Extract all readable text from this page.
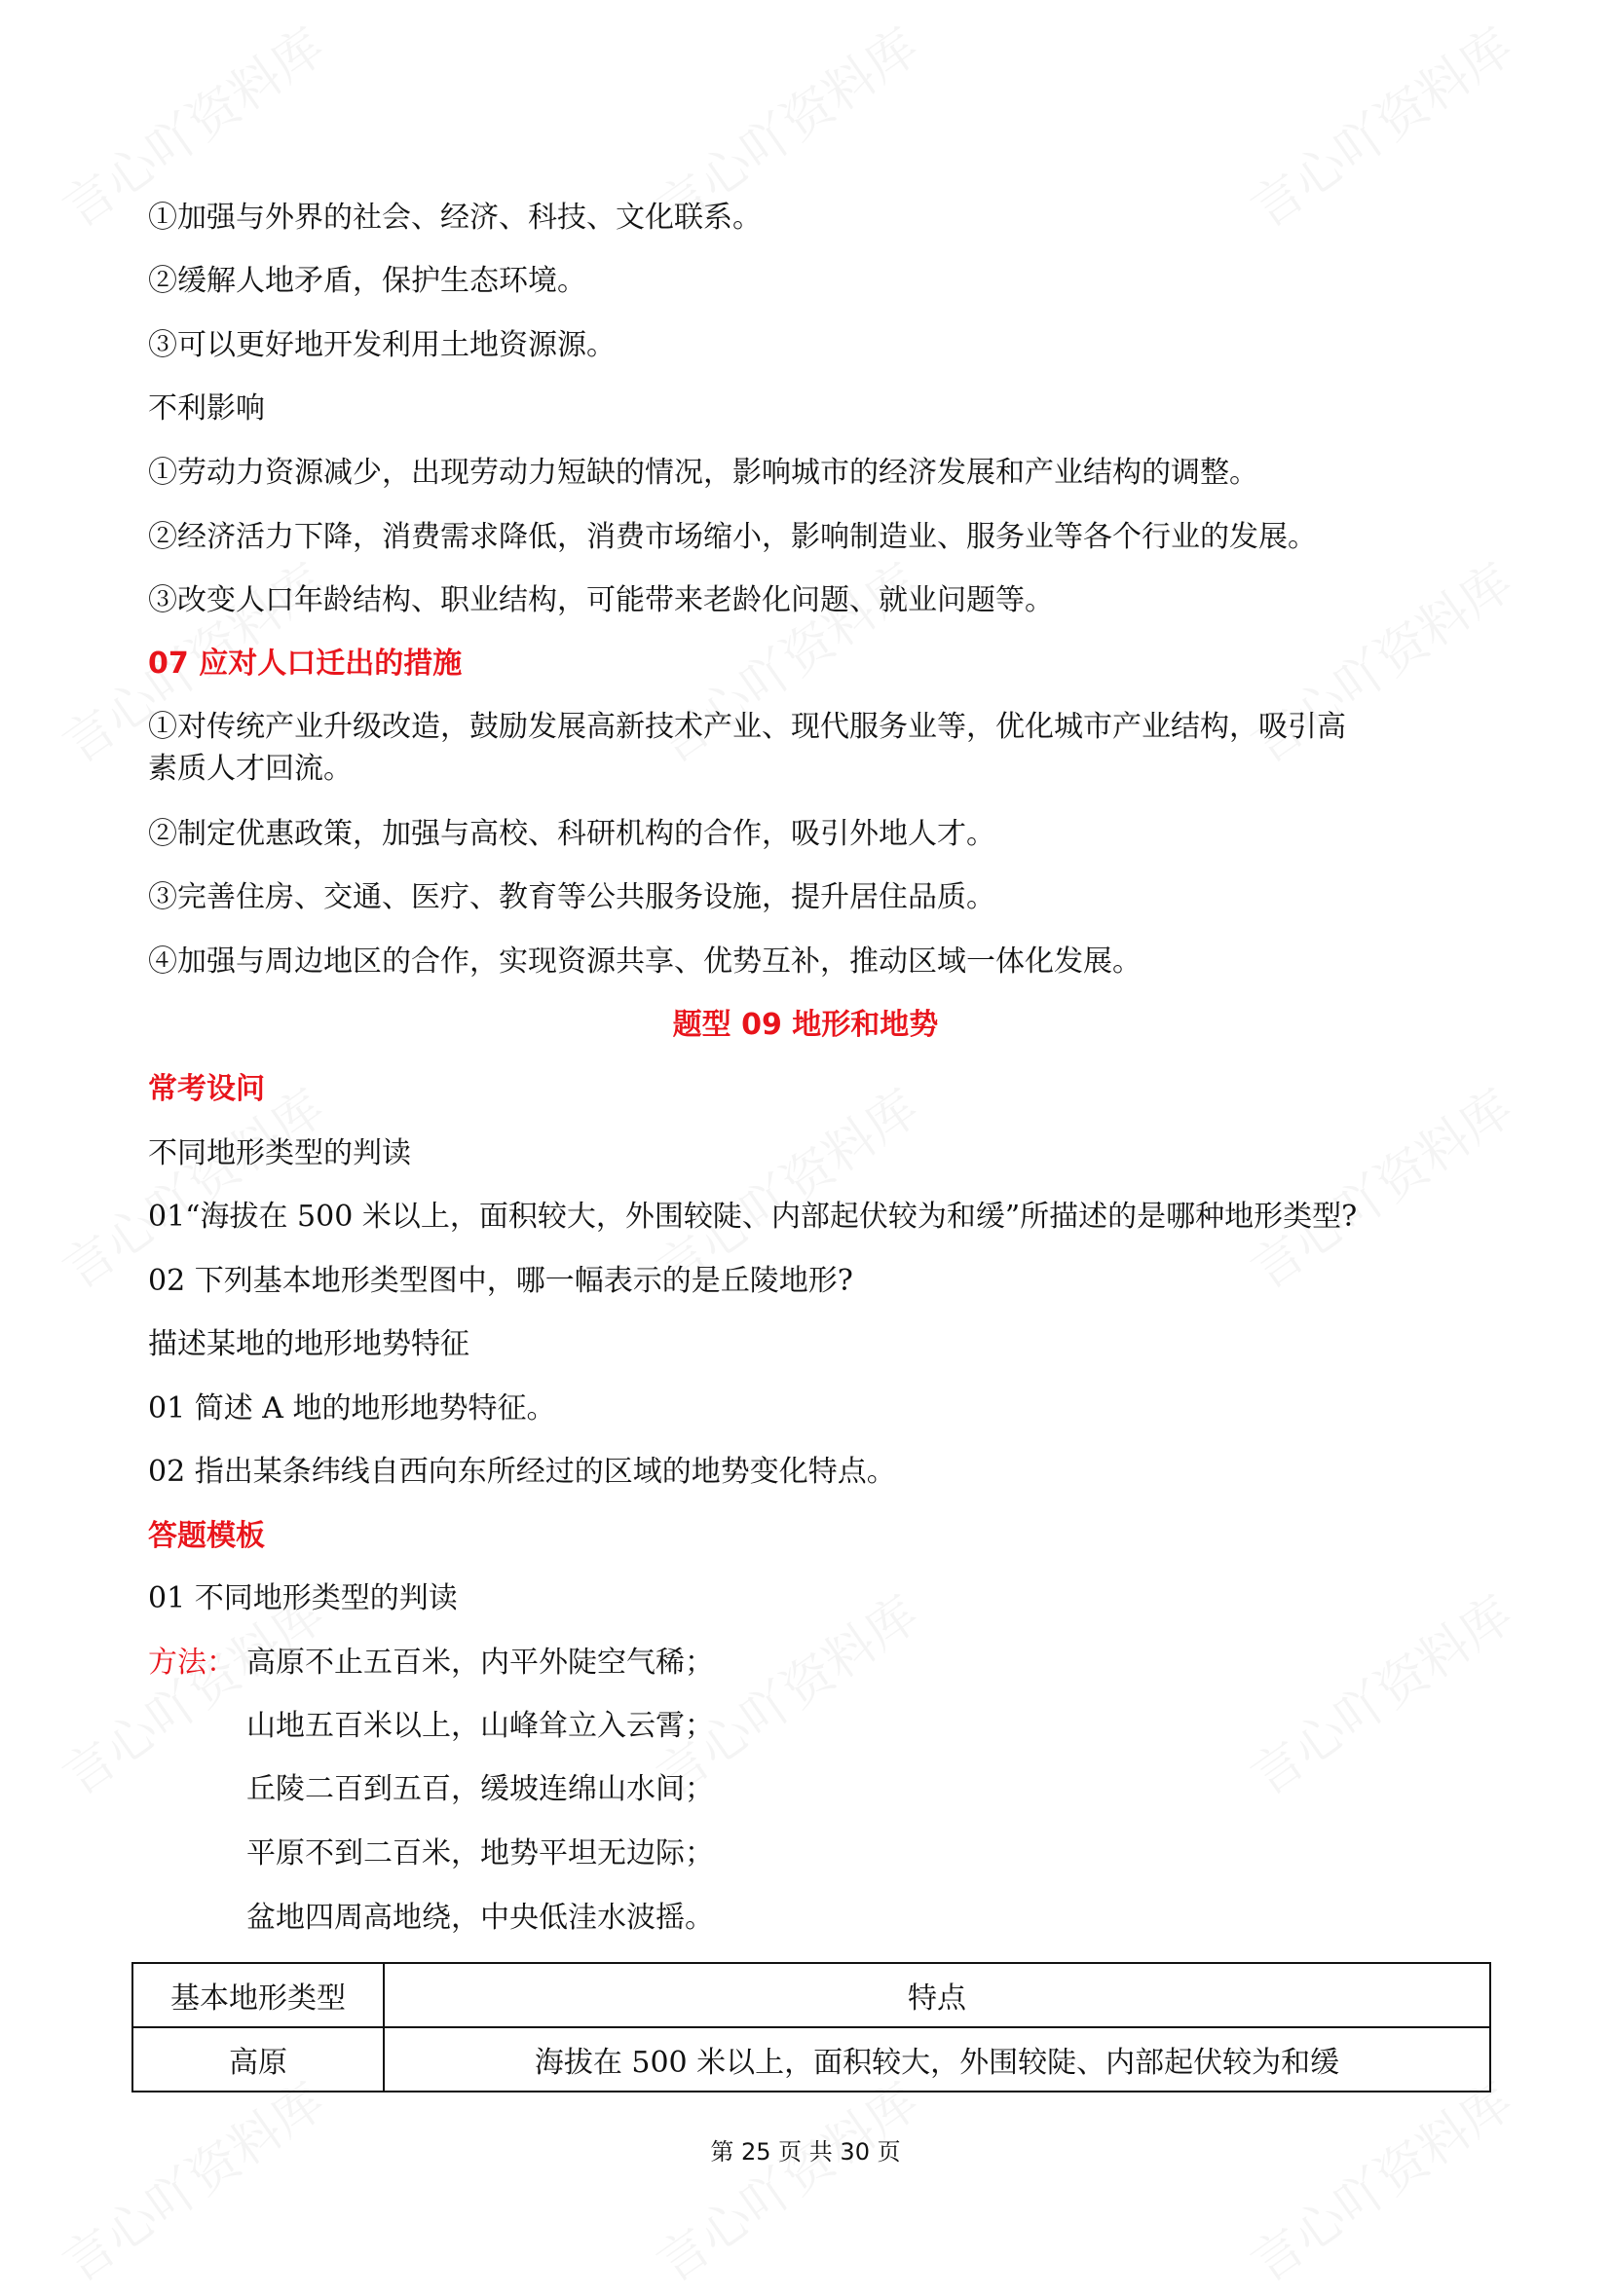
①加强与外界的社会、经济、科技、文化联系。
②缓解人地矛盾，保护生态环境。
③可以更好地开发利用土地资源源。
不利影响
①劳动力资源减少，出现劳动力短缺的情况，影响城市的经济发展和产业结构的调整。
②经济活力下降，消费需求降低，消费市场缩小，影响制造业、服务业等各个行业的发展。
③改变人口年龄结构、职业结构，可能带来老龄化问题、就业问题等。
07 应对人口迁出的措施
①对传统产业升级改造，鼓励发展高新技术产业、现代服务业等，优化城市产业结构，吸引高
素质人才回流。
②制定优惠政策，加强与高校、科研机构的合作，吸引外地人才。
③完善住房、交通、医疗、教育等公共服务设施，提升居住品质。
④加强与周边地区的合作，实现资源共享、优势互补，推动区域一体化发展。
题型 09 地形和地势
常考设问
不同地形类型的判读
01“海拔在 500 米以上，面积较大，外围较陡、内部起伏较为和缓”所描述的是哪种地形类型?
02 下列基本地形类型图中，哪一幅表示的是丘陵地形?
描述某地的地形地势特征
01 简述 A 地的地形地势特征。
02 指出某条纬线自西向东所经过的区域的地势变化特点。
答题模板
01 不同地形类型的判读
方法： 高原不止五百米，内平外陡空气稀；
山地五百米以上，山峰耸立入云霄；
丘陵二百到五百，缓坡连绵山水间；
平原不到二百米，地势平坦无边际；
盆地四周高地绕，中央低洼水波摇。
基本地形类型	特点
高原	海拔在 500 米以上，面积较大，外围较陡、内部起伏较为和缓
第 25 页 共 30 页
